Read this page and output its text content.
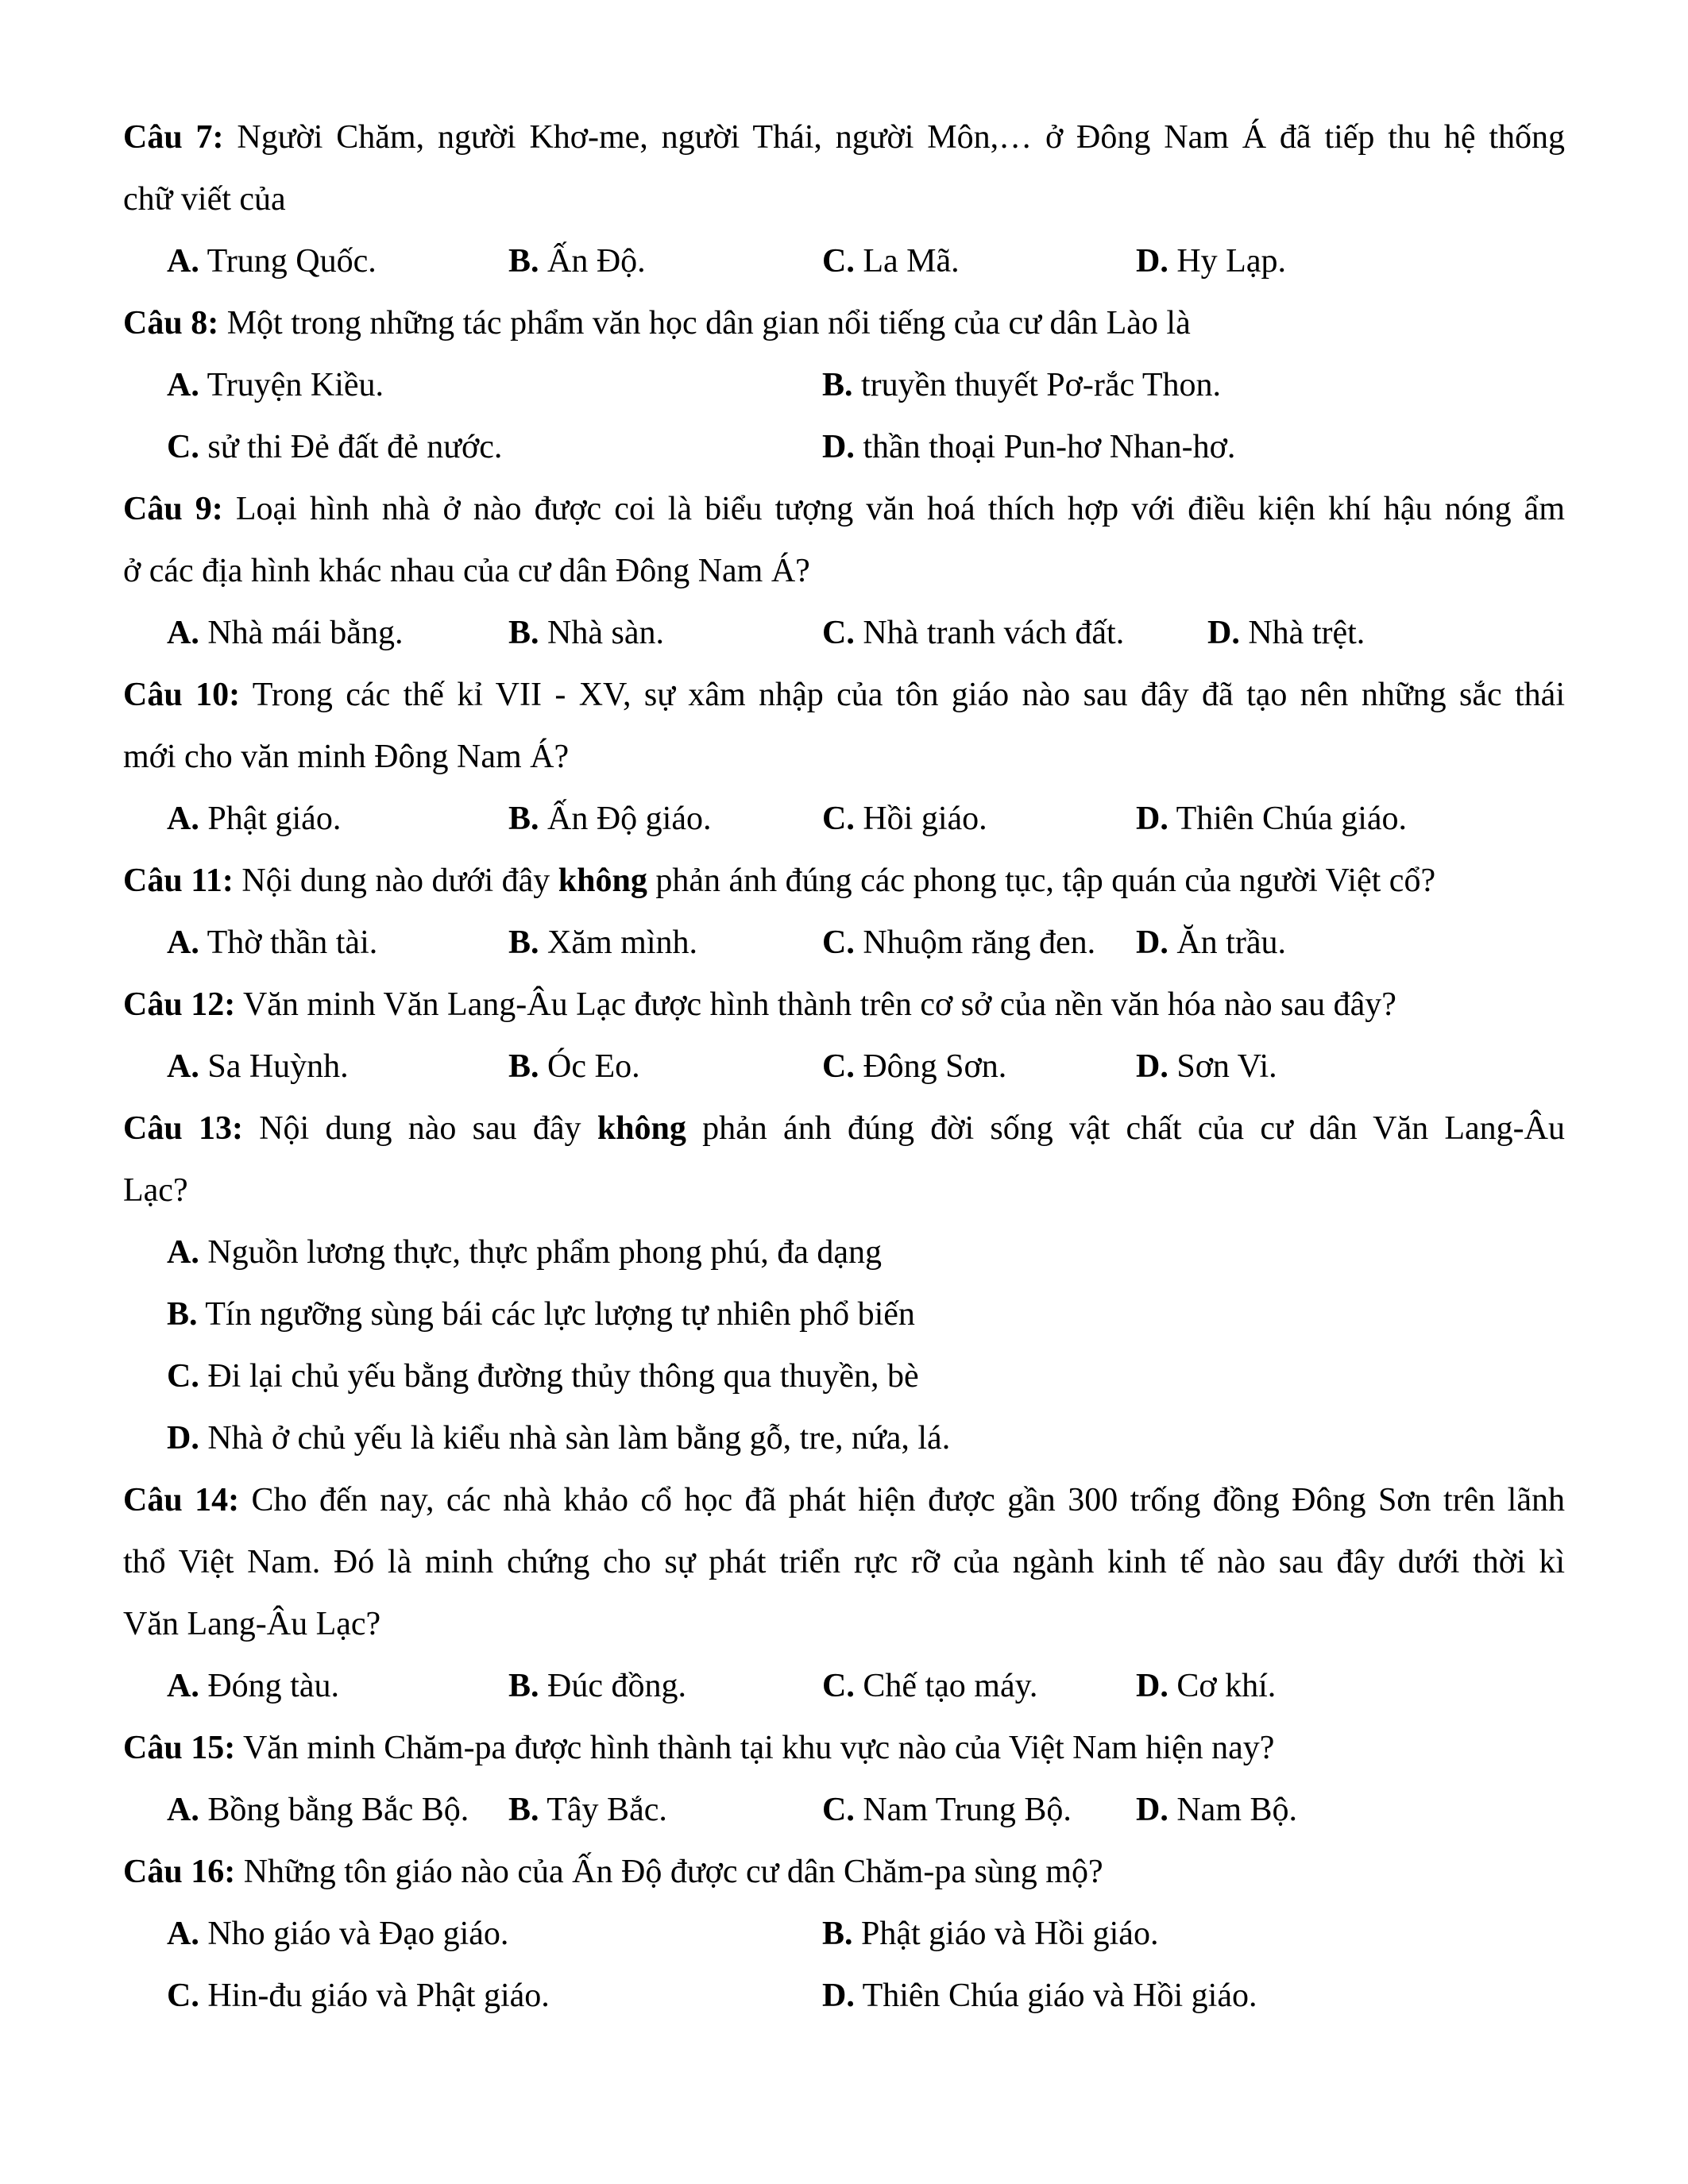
Câu 7: Người Chăm, người Khơ-me, người Thái, người Môn,… ở Đông Nam Á đã tiếp thu hệ thống
chữ viết của
A. Trung Quốc.	B. Ấn Độ.	C. La Mã.	D. Hy Lạp.
Câu 8: Một trong những tác phẩm văn học dân gian nổi tiếng của cư dân Lào là
A. Truyện Kiều.	B. truyền thuyết Pơ-rắc Thon.
C. sử thi Đẻ đất đẻ nước.	D. thần thoại Pun-hơ Nhan-hơ.
Câu 9: Loại hình nhà ở nào được coi là biểu tượng văn hoá thích hợp với điều kiện khí hậu nóng ẩm
ở các địa hình khác nhau của cư dân Đông Nam Á?
A. Nhà mái bằng.	B. Nhà sàn.	C. Nhà tranh vách đất. D. Nhà trệt.
Câu 10: Trong các thế kỉ VII - XV, sự xâm nhập của tôn giáo nào sau đây đã tạo nên những sắc thái
mới cho văn minh Đông Nam Á?
A. Phật giáo.	B. Ấn Độ giáo.	C. Hồi giáo.	D. Thiên Chúa giáo.
Câu 11: Nội dung nào dưới đây không phản ánh đúng các phong tục, tập quán của người Việt cổ?
A. Thờ thần tài.	B. Xăm mình.	C. Nhuộm răng đen. D. Ăn trầu.
Câu 12: Văn minh Văn Lang-Âu Lạc được hình thành trên cơ sở của nền văn hóa nào sau đây?
A. Sa Huỳnh.	B. Óc Eo.	C. Đông Sơn.	D. Sơn Vi.
Câu 13: Nội dung nào sau đây không phản ánh đúng đời sống vật chất của cư dân Văn Lang-Âu
Lạc?
A. Nguồn lương thực, thực phẩm phong phú, đa dạng
B. Tín ngưỡng sùng bái các lực lượng tự nhiên phổ biến
C. Đi lại chủ yếu bằng đường thủy thông qua thuyền, bè
D. Nhà ở chủ yếu là kiểu nhà sàn làm bằng gỗ, tre, nứa, lá.
Câu 14: Cho đến nay, các nhà khảo cổ học đã phát hiện được gần 300 trống đồng Đông Sơn trên lãnh
thổ Việt Nam. Đó là minh chứng cho sự phát triển rực rỡ của ngành kinh tế nào sau đây dưới thời kì
Văn Lang-Âu Lạc?
A. Đóng tàu.	B. Đúc đồng.	C. Chế tạo máy.	D. Cơ khí.
Câu 15: Văn minh Chăm-pa được hình thành tại khu vực nào của Việt Nam hiện nay?
A. Bồng bằng Bắc Bộ. B. Tây Bắc.	C. Nam Trung Bộ. D. Nam Bộ.
Câu 16: Những tôn giáo nào của Ấn Độ được cư dân Chăm-pa sùng mộ?
A. Nho giáo và Đạo giáo.	B. Phật giáo và Hồi giáo.
C. Hin-đu giáo và Phật giáo.	D. Thiên Chúa giáo và Hồi giáo.
